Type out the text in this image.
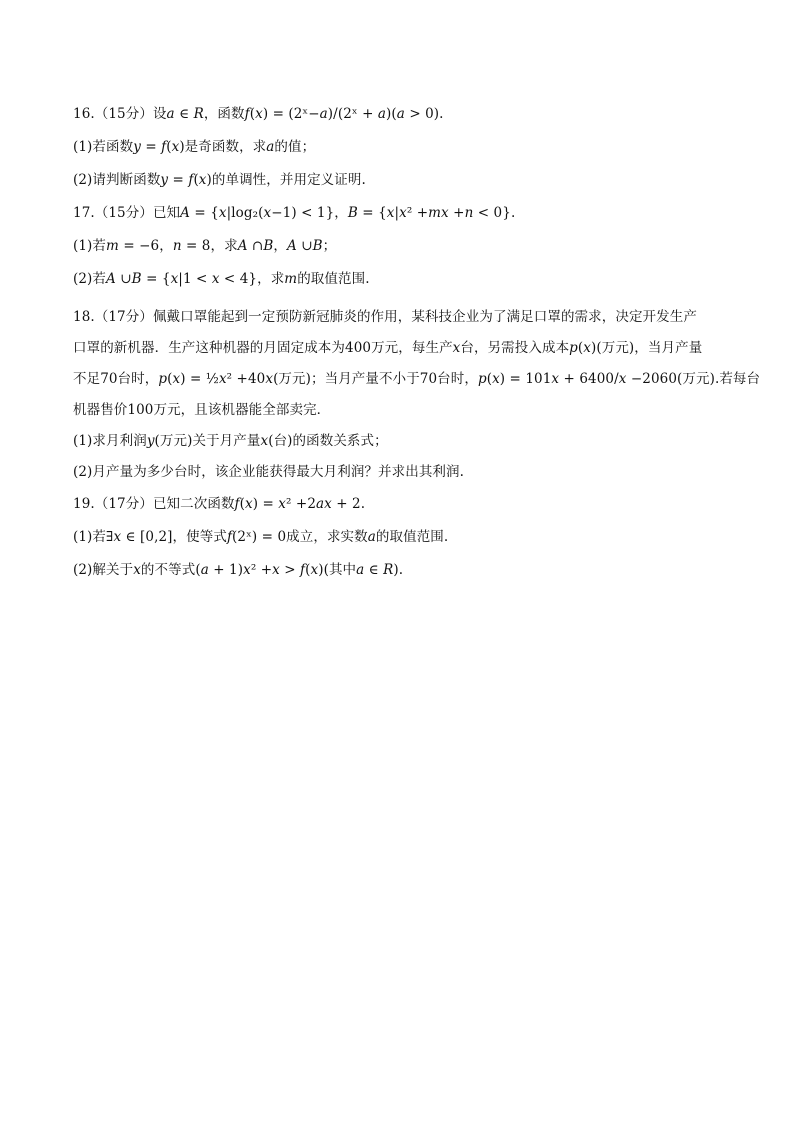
16.（15分）设𝑎 ∈ 𝑅，函数𝑓(𝑥) = (2ˣ−𝑎)/(2ˣ + 𝑎)(𝑎 > 0).
(1)若函数𝑦 = 𝑓(𝑥)是奇函数，求𝑎的值；
(2)请判断函数𝑦 = 𝑓(𝑥)的单调性，并用定义证明.
17.（15分）已知𝐴 = {𝑥|log₂(𝑥−1) < 1}，𝐵 = {𝑥|𝑥² +𝑚𝑥 +𝑛 < 0}.
(1)若𝑚 = −6，𝑛 = 8，求𝐴 ∩𝐵，𝐴 ∪𝐵；
(2)若𝐴 ∪𝐵 = {𝑥|1 < 𝑥 < 4}，求𝑚的取值范围.
18.（17分）佩戴口罩能起到一定预防新冠肺炎的作用，某科技企业为了满足口罩的需求，决定开发生产
口罩的新机器．生产这种机器的月固定成本为400万元，每生产𝑥台，另需投入成本𝑝(𝑥)(万元)，当月产量
不足70台时，𝑝(𝑥) = ½𝑥² +40𝑥(万元)；当月产量不小于70台时，𝑝(𝑥) = 101𝑥 + 6400/𝑥 −2060(万元).若每台
机器售价100万元，且该机器能全部卖完．
(1)求月利润𝑦(万元)关于月产量𝑥(台)的函数关系式；
(2)月产量为多少台时，该企业能获得最大月利润？并求出其利润.
19.（17分）已知二次函数𝑓(𝑥) = 𝑥² +2𝑎𝑥 + 2.
(1)若∃𝑥 ∈ [0,2]，使等式𝑓(2ˣ) = 0成立，求实数𝑎的取值范围.
(2)解关于𝑥的不等式(𝑎 + 1)𝑥² +𝑥 > 𝑓(𝑥)(其中𝑎 ∈ 𝑅).
